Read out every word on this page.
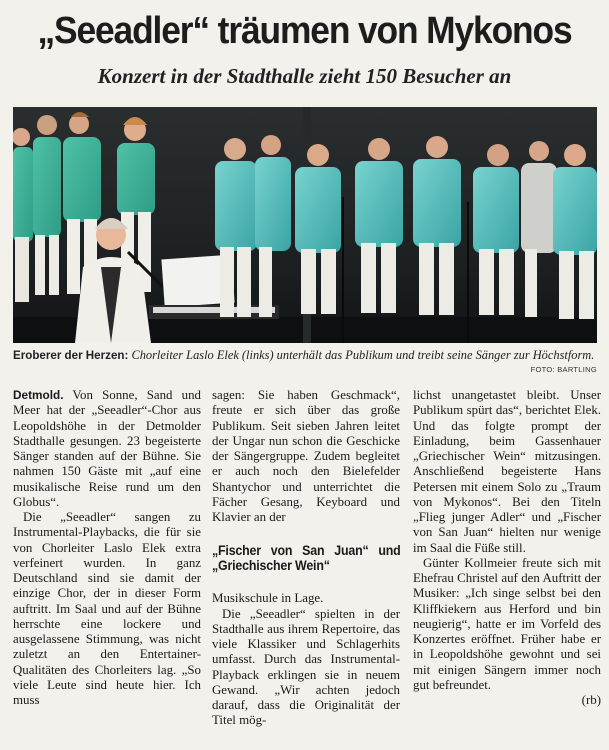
„Seeadler“ träumen von Mykonos
Konzert in der Stadthalle zieht 150 Besucher an
Eroberer der Herzen: Chorleiter Laslo Elek (links) unterhält das Publikum und treibt seine Sänger zur Höchstform.
FOTO: BARTLING

Detmold. Von Sonne, Sand und Meer hat der „Seeadler“-Chor aus Leopoldshöhe in der Detmolder Stadthalle gesungen. 23 begeisterte Sänger standen auf der Bühne. Sie nahmen 150 Gäste mit „auf eine musikalische Reise rund um den Globus“.

Die „Seeadler“ sangen zu Instrumental-Playbacks, die für sie von Chorleiter Laslo Elek extra verfeinert wurden. In ganz Deutschland sind sie damit der einzige Chor, der in dieser Form auftritt. Im Saal und auf der Bühne herrschte eine lockere und ausgelassene Stimmung, was nicht zuletzt an den Entertainer-Qualitäten des Chorleiters lag. „So viele Leute sind heute hier. Ich muss

sagen: Sie haben Geschmack“, freute er sich über das große Publikum. Seit sieben Jahren leitet der Ungar nun schon die Geschicke der Sängergruppe. Zudem begleitet er auch noch den Bielefelder Shantychor und unterrichtet die Fächer Gesang, Keyboard und Klavier an der

„Fischer von San Juan“ und „Griechischer Wein“

Musikschule in Lage.

Die „Seeadler“ spielten in der Stadthalle aus ihrem Repertoire, das viele Klassiker und Schlagerhits umfasst. Durch das Instrumental-Playback erklingen sie in neuem Gewand. „Wir achten jedoch darauf, dass die Originalität der Titel mög-

lichst unangetastet bleibt. Unser Publikum spürt das“, berichtet Elek. Und das folgte prompt der Einladung, beim Gassenhauer „Griechischer Wein“ mitzusingen. Anschließend begeisterte Hans Petersen mit einem Solo zu „Traum von Mykonos“. Bei den Titeln „Flieg junger Adler“ und „Fischer von San Juan“ hielten nur wenige im Saal die Füße still.

Günter Kollmeier freute sich mit Ehefrau Christel auf den Auftritt der Musiker: „Ich singe selbst bei den Kliffkiekern aus Herford und bin neugierig“, hatte er im Vorfeld des Konzertes eröffnet. Früher habe er in Leopoldshöhe gewohnt und sei mit einigen Sängern immer noch gut befreundet.

(rb)
